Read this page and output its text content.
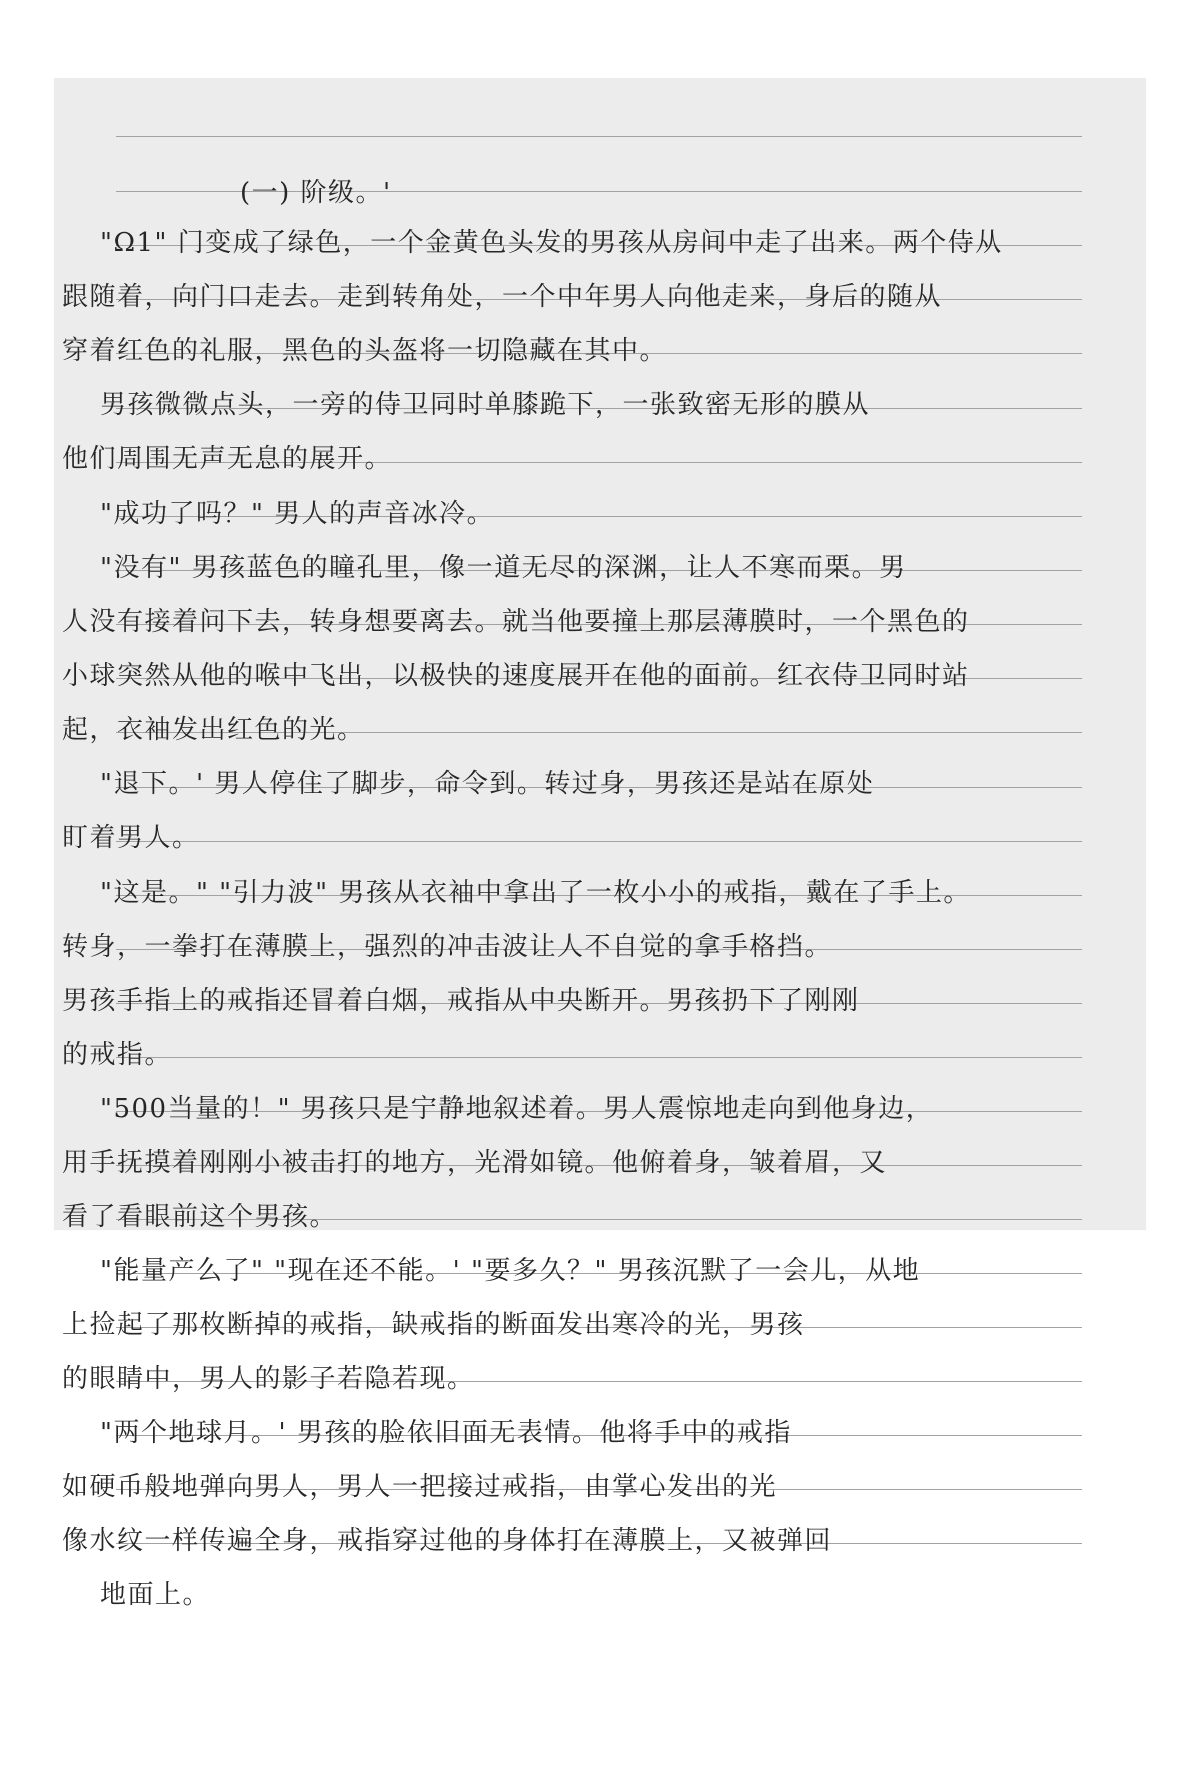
(一) 阶级。'
"Ω1" 门变成了绿色，一个金黄色头发的男孩从房间中走了出来。两个侍从
跟随着，向门口走去。走到转角处，一个中年男人向他走来，身后的随从
穿着红色的礼服，黑色的头盔将一切隐藏在其中。
男孩微微点头，一旁的侍卫同时单膝跪下，一张致密无形的膜从
他们周围无声无息的展开。
"成功了吗？" 男人的声音冰冷。
"没有" 男孩蓝色的瞳孔里，像一道无尽的深渊，让人不寒而栗。男
人没有接着问下去，转身想要离去。就当他要撞上那层薄膜时，一个黑色的
小球突然从他的喉中飞出，以极快的速度展开在他的面前。红衣侍卫同时站
起，衣袖发出红色的光。
"退下。' 男人停住了脚步，命令到。转过身，男孩还是站在原处
盯着男人。
"这是。" "引力波" 男孩从衣袖中拿出了一枚小小的戒指，戴在了手上。
转身，一拳打在薄膜上，强烈的冲击波让人不自觉的拿手格挡。
男孩手指上的戒指还冒着白烟，戒指从中央断开。男孩扔下了刚刚
的戒指。
"500当量的！" 男孩只是宁静地叙述着。男人震惊地走向到他身边，
用手抚摸着刚刚小被击打的地方，光滑如镜。他俯着身，皱着眉，又
看了看眼前这个男孩。
"能量产么了" "现在还不能。' "要多久？" 男孩沉默了一会儿，从地
上捡起了那枚断掉的戒指，缺戒指的断面发出寒冷的光，男孩
的眼睛中，男人的影子若隐若现。
"两个地球月。' 男孩的脸依旧面无表情。他将手中的戒指
如硬币般地弹向男人，男人一把接过戒指，由掌心发出的光
像水纹一样传遍全身，戒指穿过他的身体打在薄膜上，又被弹回
地面上。
